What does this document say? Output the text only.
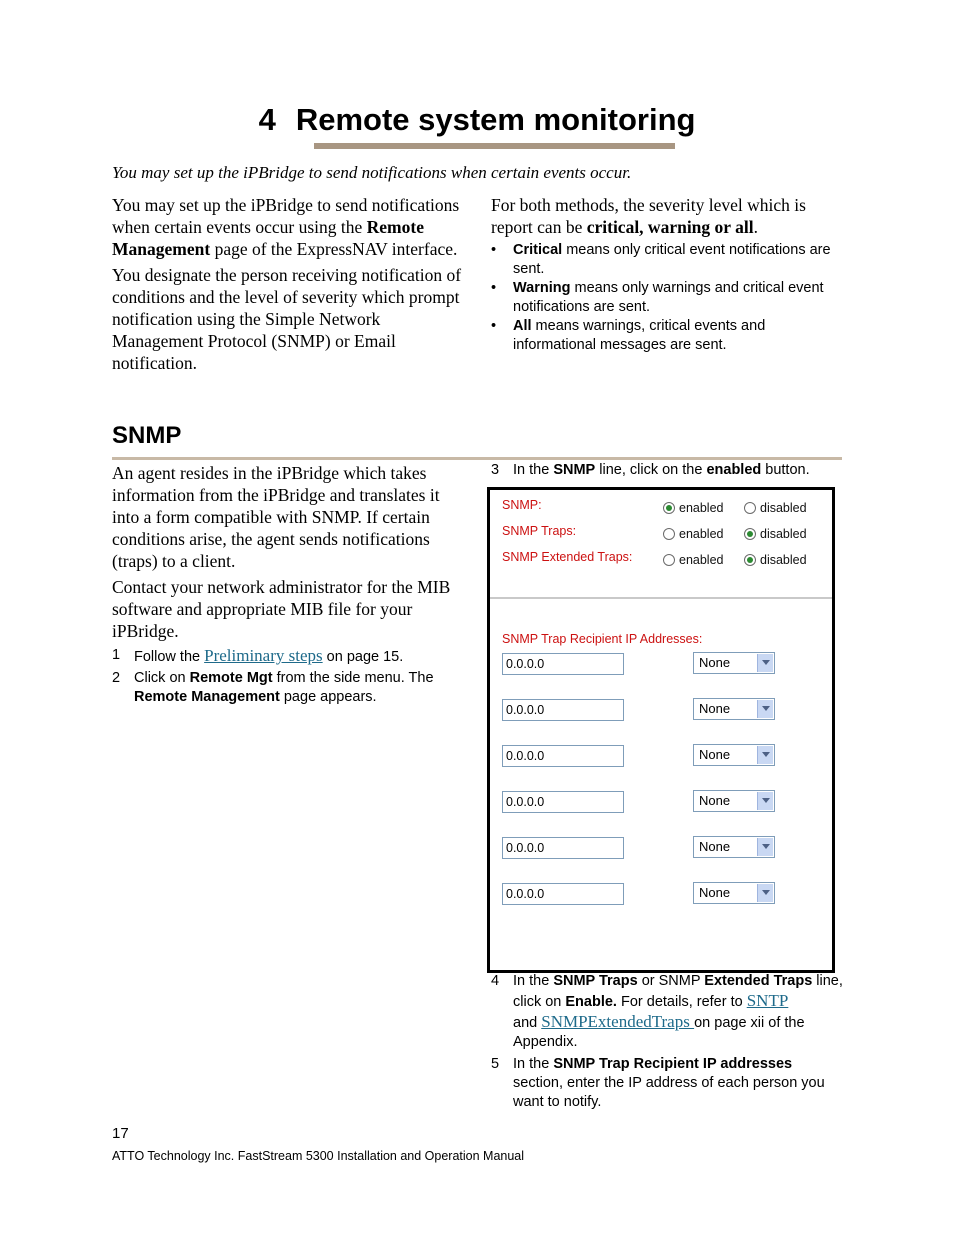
4 Remote system monitoring
You may set up the iPBridge to send notifications when certain events occur.

You may set up the iPBridge to send notifications when certain events occur using the Remote Management page of the ExpressNAV interface.

You designate the person receiving notification of conditions and the level of severity which prompt notification using the Simple Network Management Protocol (SNMP) or Email notification.

For both methods, the severity level which is report can be critical, warning or all.
• Critical means only critical event notifications are sent.
• Warning means only warnings and critical event notifications are sent.
• All means warnings, critical events and informational messages are sent.
SNMP

An agent resides in the iPBridge which takes information from the iPBridge and translates it into a form compatible with SNMP. If certain conditions arise, the agent sends notifications (traps) to a client.

Contact your network administrator for the MIB software and appropriate MIB file for your iPBridge.

1 Follow the Preliminary steps on page 15.
2 Click on Remote Mgt from the side menu. The Remote Management page appears.
3 In the SNMP line, click on the enabled button.
SNMP:	enabled	disabled
SNMP Traps:	enabled	disabled
SNMP Extended Traps:	enabled	disabled
SNMP Trap Recipient IP Addresses:
0.0.0.0	None
0.0.0.0	None
0.0.0.0	None
0.0.0.0	None
0.0.0.0	None
0.0.0.0	None
4 In the SNMP Traps or SNMP Extended Traps line, click on Enable. For details, refer to SNTP
and SNMPExtendedTraps on page xii of the Appendix.
5 In the SNMP Trap Recipient IP addresses section, enter the IP address of each person you want to notify.
17
ATTO Technology Inc. FastStream 5300 Installation and Operation Manual
